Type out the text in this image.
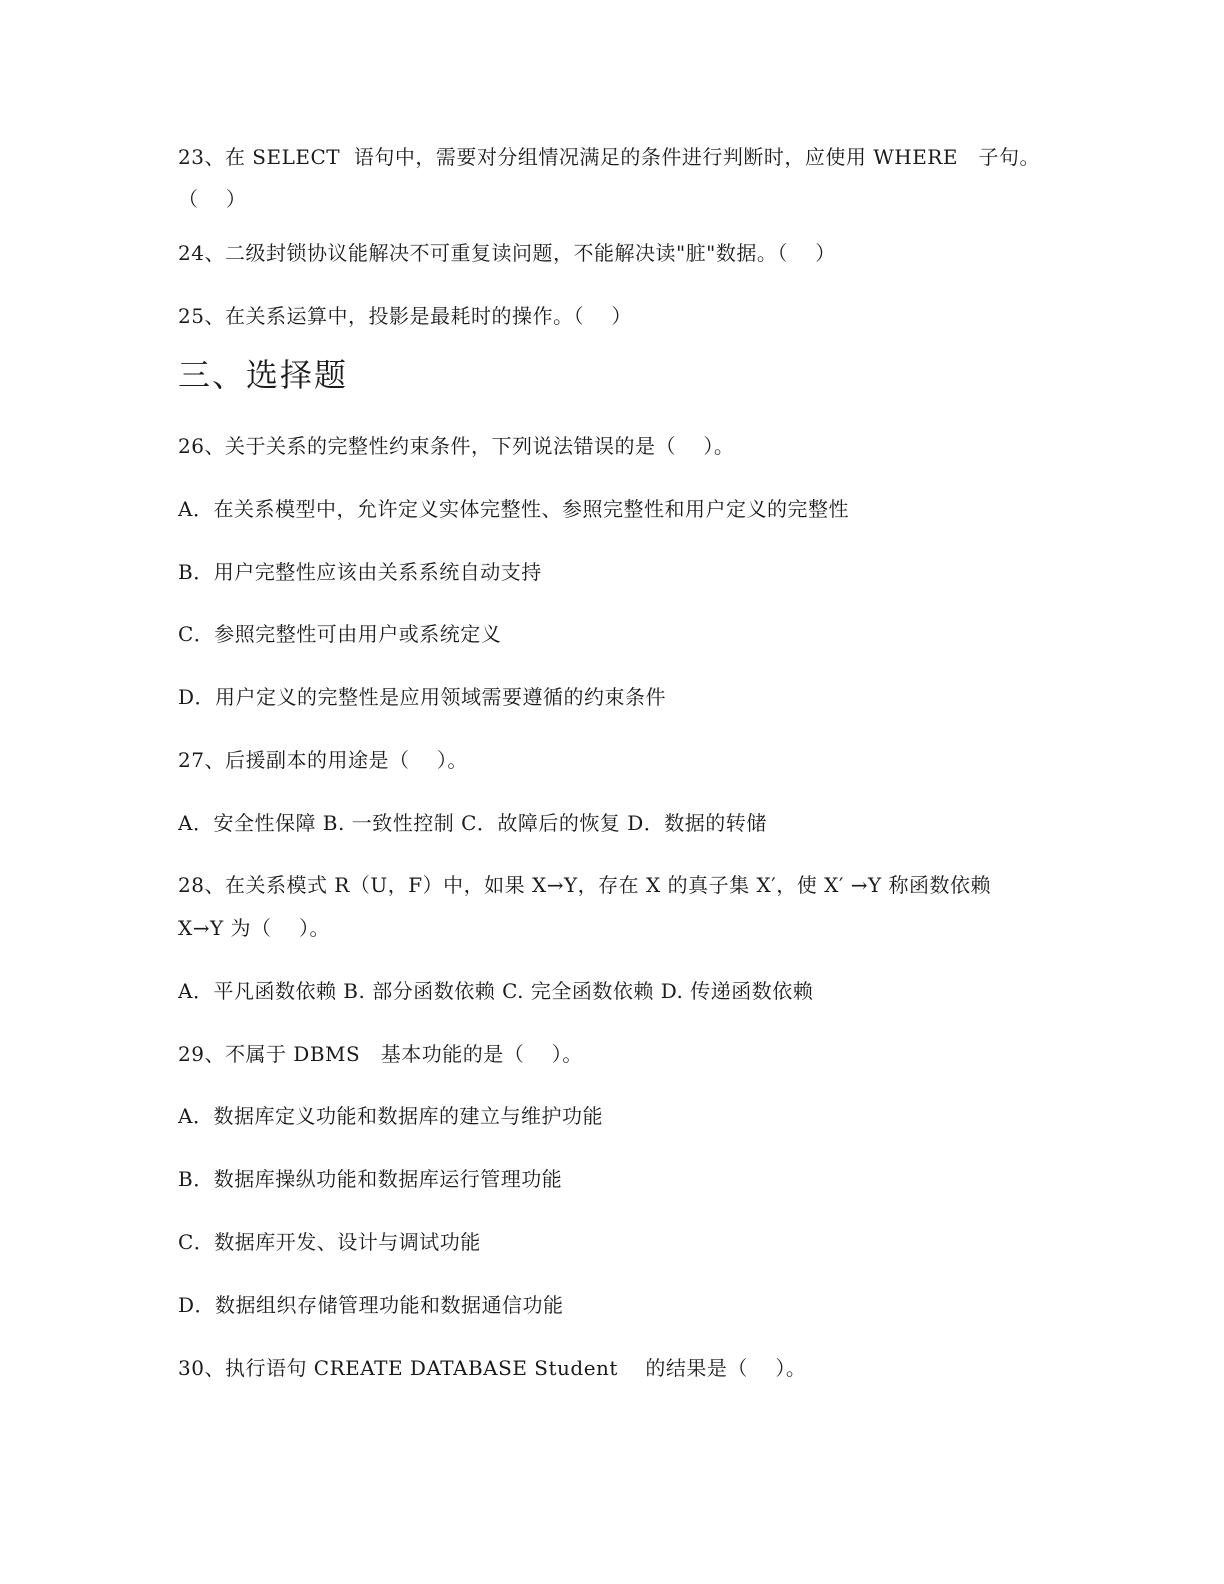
23、在 SELECT  语句中，需要对分组情况满足的条件进行判断时，应使用 WHERE   子句。
（    ）
24、二级封锁协议能解决不可重复读问题，不能解决读"脏"数据。（    ）
25、在关系运算中，投影是最耗时的操作。（    ）
三、选择题
26、关于关系的完整性约束条件，下列说法错误的是（    ）。
A．在关系模型中，允许定义实体完整性、参照完整性和用户定义的完整性
B．用户完整性应该由关系系统自动支持
C．参照完整性可由用户或系统定义
D．用户定义的完整性是应用领域需要遵循的约束条件
27、后援副本的用途是（    ）。
A．安全性保障 B. 一致性控制 C．故障后的恢复 D．数据的转储
28、在关系模式 R（U，F）中，如果 X→Y，存在 X 的真子集 X′，使 X′ →Y 称函数依赖
X→Y 为（    ）。
A．平凡函数依赖 B. 部分函数依赖 C. 完全函数依赖 D. 传递函数依赖
29、不属于 DBMS   基本功能的是（    ）。
A．数据库定义功能和数据库的建立与维护功能
B．数据库操纵功能和数据库运行管理功能
C．数据库开发、设计与调试功能
D．数据组织存储管理功能和数据通信功能
30、执行语句 CREATE DATABASE Student    的结果是（    ）。
